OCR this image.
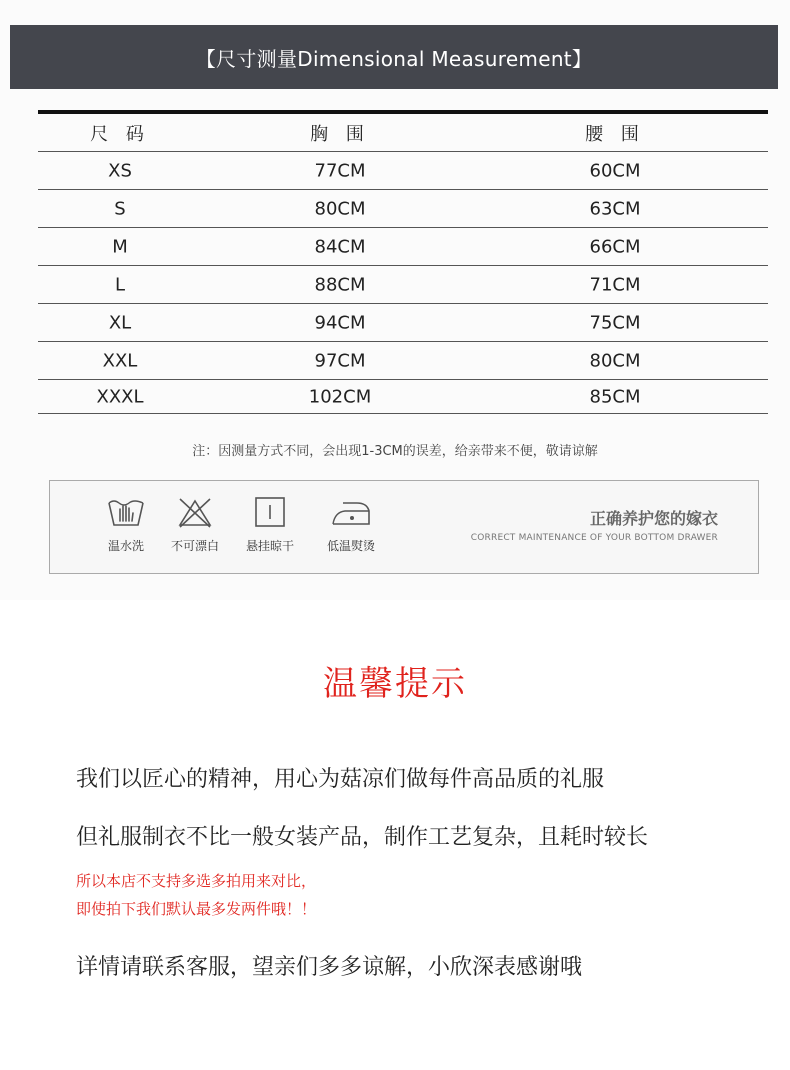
【尺寸测量Dimensional Measurement】
尺 码	胸 围	腰 围
XS	77CM	60CM
S	80CM	63CM
M	84CM	66CM
L	88CM	71CM
XL	94CM	75CM
XXL	97CM	80CM
XXXL	102CM	85CM
注：因测量方式不同，会出现1-3CM的误差，给亲带来不便，敬请谅解
温水洗	不可漂白	悬挂晾干	低温熨烫
正确养护您的嫁衣
CORRECT MAINTENANCE OF YOUR BOTTOM DRAWER
温馨提示
我们以匠心的精神，用心为菇凉们做每件高品质的礼服
但礼服制衣不比一般女装产品，制作工艺复杂，且耗时较长
所以本店不支持多选多拍用来对比，
即使拍下我们默认最多发两件哦！！
详情请联系客服，望亲们多多谅解，小欣深表感谢哦
